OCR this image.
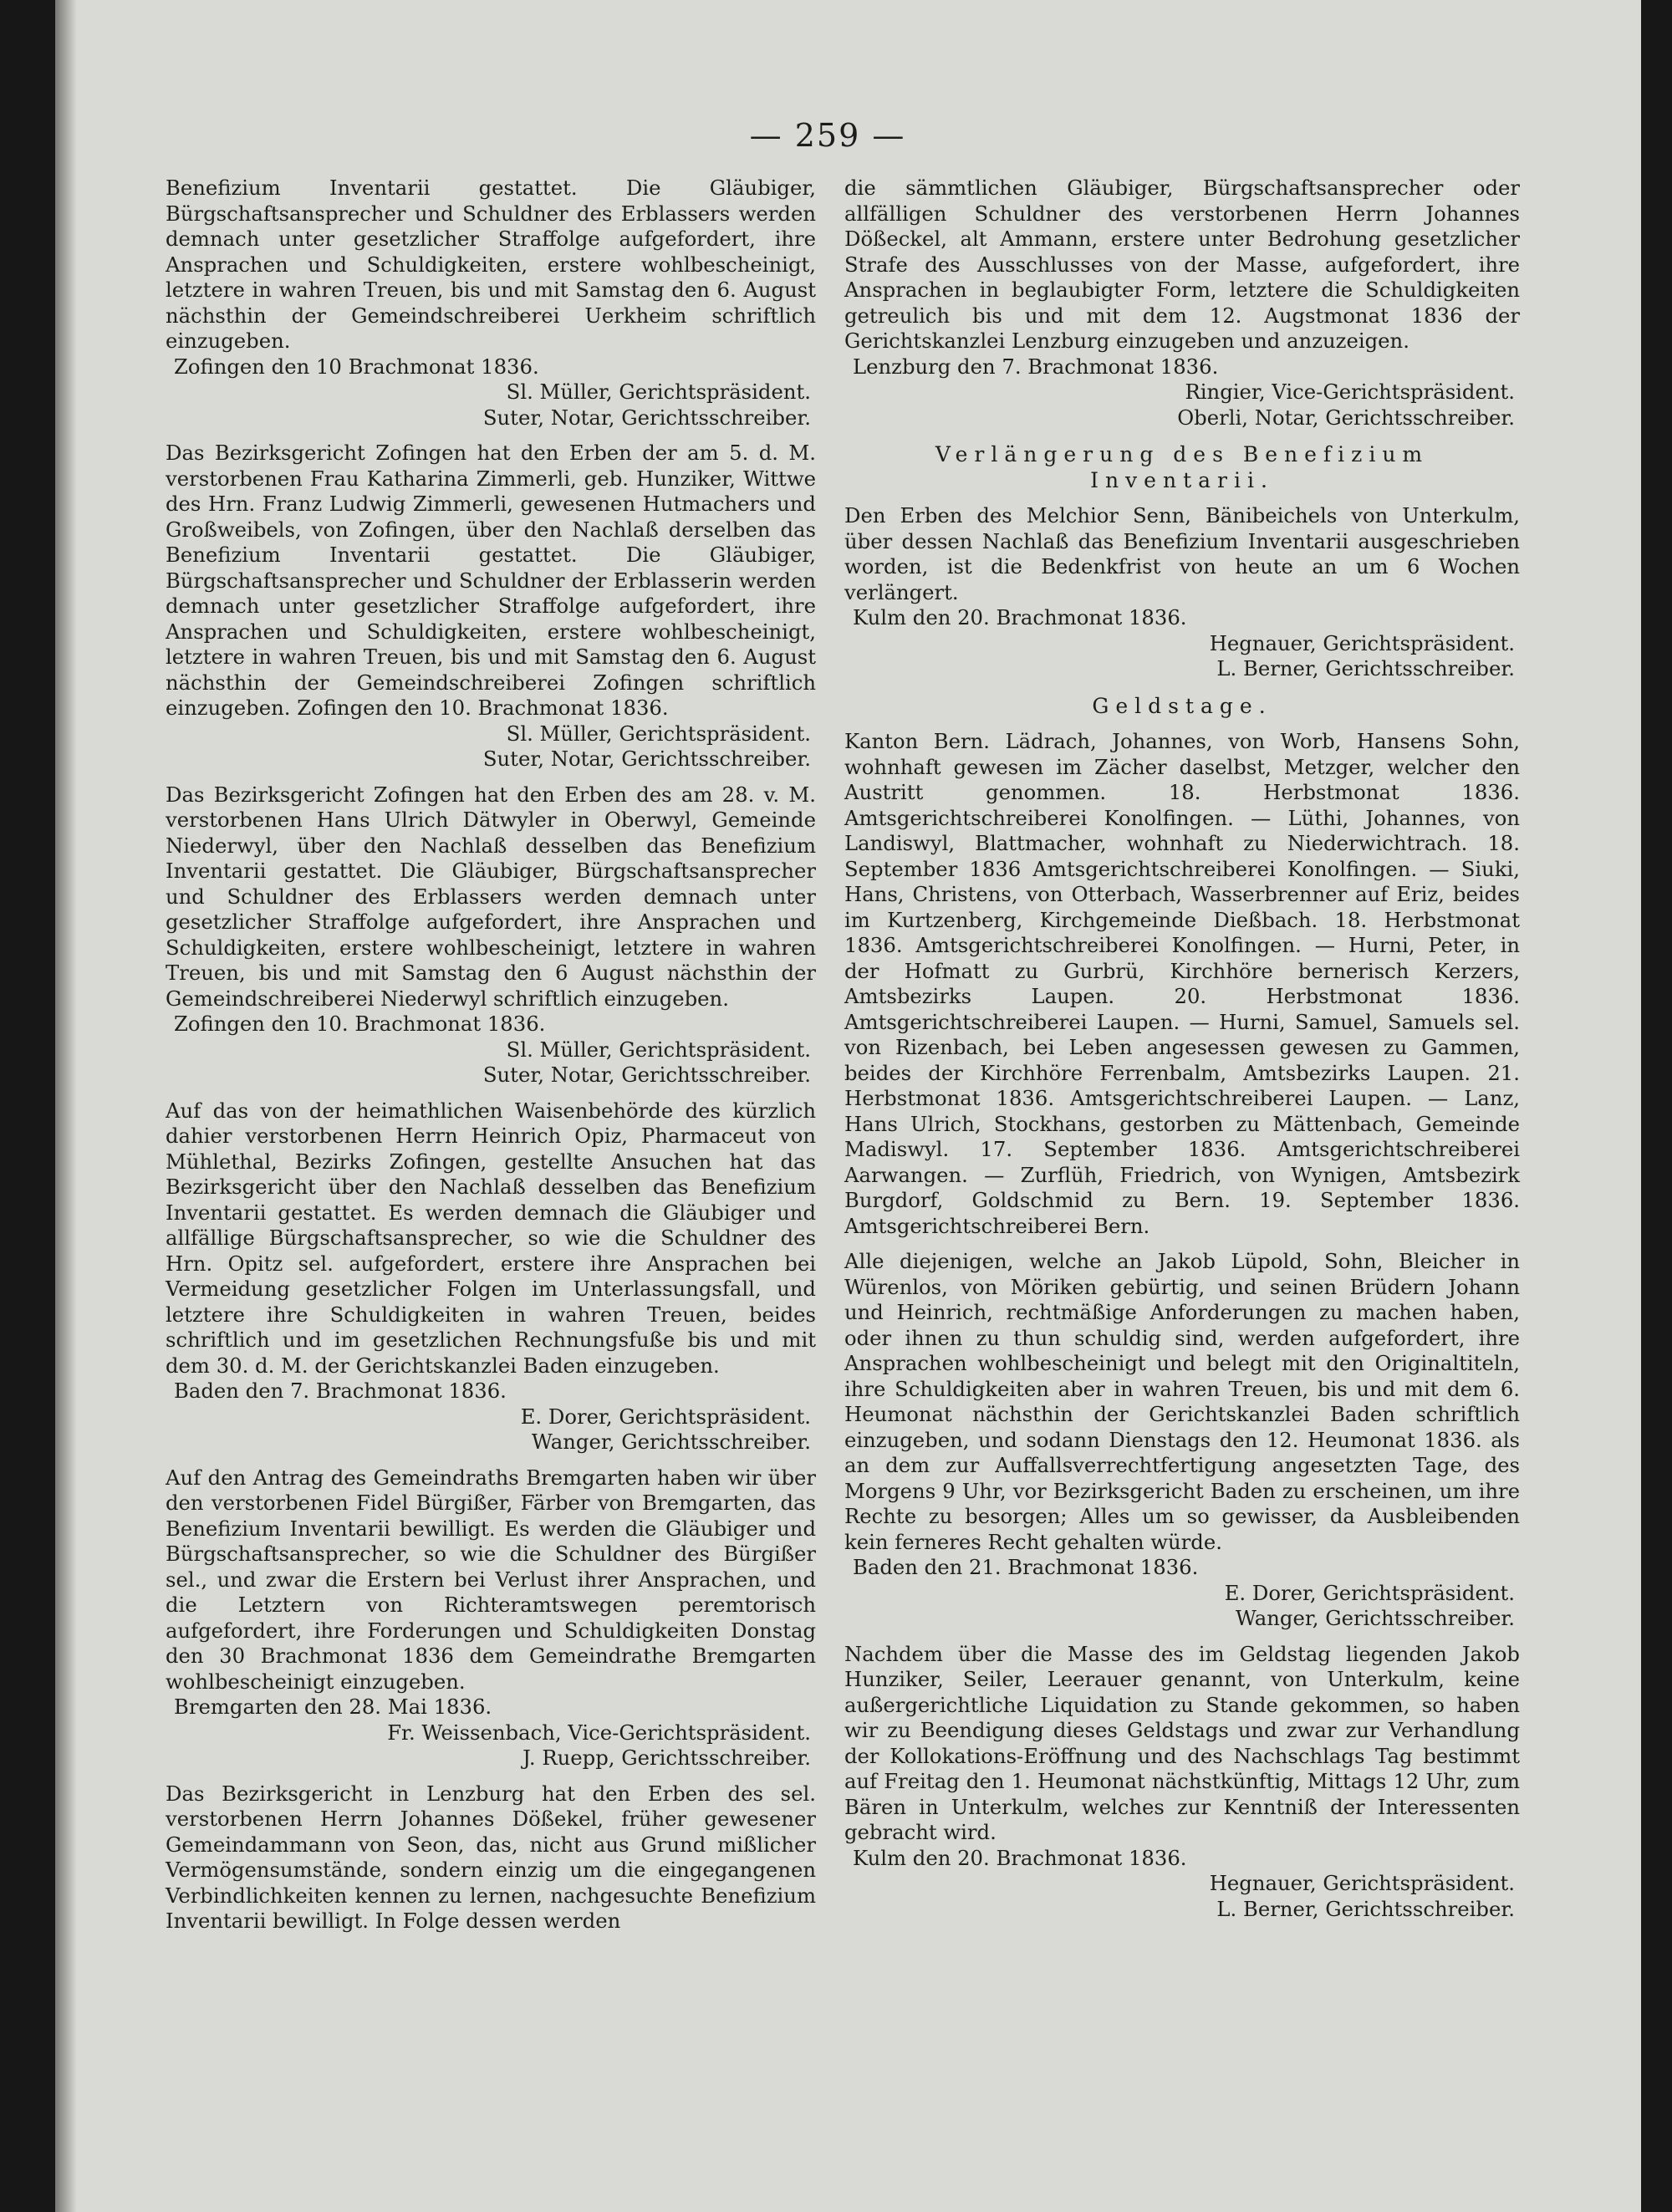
— 259 —

Benefizium Inventarii gestattet. Die Gläubiger, Bürgschaftsansprecher und Schuldner des Erblassers werden demnach unter gesetzlicher Straffolge aufgefordert, ihre Ansprachen und Schuldigkeiten, erstere wohlbescheinigt, letztere in wahren Treuen, bis und mit Samstag den 6. August nächsthin der Gemeindschreiberei Uerkheim schriftlich einzugeben.

Zofingen den 10 Brachmonat 1836.

Sl. Müller, Gerichtspräsident.

Suter, Notar, Gerichtsschreiber.

Das Bezirksgericht Zofingen hat den Erben der am 5. d. M. verstorbenen Frau Katharina Zimmerli, geb. Hunziker, Wittwe des Hrn. Franz Ludwig Zimmerli, gewesenen Hutmachers und Großweibels, von Zofingen, über den Nachlaß derselben das Benefizium Inventarii gestattet. Die Gläubiger, Bürgschaftsansprecher und Schuldner der Erblasserin werden demnach unter gesetzlicher Straffolge aufgefordert, ihre Ansprachen und Schuldigkeiten, erstere wohlbescheinigt, letztere in wahren Treuen, bis und mit Samstag den 6. August nächsthin der Gemeindschreiberei Zofingen schriftlich einzugeben. Zofingen den 10. Brachmonat 1836.

Sl. Müller, Gerichtspräsident.

Suter, Notar, Gerichtsschreiber.

Das Bezirksgericht Zofingen hat den Erben des am 28. v. M. verstorbenen Hans Ulrich Dätwyler in Oberwyl, Gemeinde Niederwyl, über den Nachlaß desselben das Benefizium Inventarii gestattet. Die Gläubiger, Bürgschaftsansprecher und Schuldner des Erblassers werden demnach unter gesetzlicher Straffolge aufgefordert, ihre Ansprachen und Schuldigkeiten, erstere wohlbescheinigt, letztere in wahren Treuen, bis und mit Samstag den 6 August nächsthin der Gemeindschreiberei Niederwyl schriftlich einzugeben.

Zofingen den 10. Brachmonat 1836.

Sl. Müller, Gerichtspräsident.

Suter, Notar, Gerichtsschreiber.

Auf das von der heimathlichen Waisenbehörde des kürzlich dahier verstorbenen Herrn Heinrich Opiz, Pharmaceut von Mühlethal, Bezirks Zofingen, gestellte Ansuchen hat das Bezirksgericht über den Nachlaß desselben das Benefizium Inventarii gestattet. Es werden demnach die Gläubiger und allfällige Bürgschaftsansprecher, so wie die Schuldner des Hrn. Opitz sel. aufgefordert, erstere ihre Ansprachen bei Vermeidung gesetzlicher Folgen im Unterlassungsfall, und letztere ihre Schuldigkeiten in wahren Treuen, beides schriftlich und im gesetzlichen Rechnungsfuße bis und mit dem 30. d. M. der Gerichtskanzlei Baden einzugeben.

Baden den 7. Brachmonat 1836.

E. Dorer, Gerichtspräsident.

Wanger, Gerichtsschreiber.

Auf den Antrag des Gemeindraths Bremgarten haben wir über den verstorbenen Fidel Bürgißer, Färber von Bremgarten, das Benefizium Inventarii bewilligt. Es werden die Gläubiger und Bürgschaftsansprecher, so wie die Schuldner des Bürgißer sel., und zwar die Erstern bei Verlust ihrer Ansprachen, und die Letztern von Richteramtswegen peremtorisch aufgefordert, ihre Forderungen und Schuldigkeiten Donstag den 30 Brachmonat 1836 dem Gemeindrathe Bremgarten wohlbescheinigt einzugeben.

Bremgarten den 28. Mai 1836.

Fr. Weissenbach, Vice-Gerichtspräsident.

J. Ruepp, Gerichtsschreiber.

Das Bezirksgericht in Lenzburg hat den Erben des sel. verstorbenen Herrn Johannes Dößekel, früher gewesener Gemeindammann von Seon, das, nicht aus Grund mißlicher Vermögensumstände, sondern einzig um die eingegangenen Verbindlichkeiten kennen zu lernen, nachgesuchte Benefizium Inventarii bewilligt. In Folge dessen werden

die sämmtlichen Gläubiger, Bürgschaftsansprecher oder allfälligen Schuldner des verstorbenen Herrn Johannes Dößeckel, alt Ammann, erstere unter Bedrohung gesetzlicher Strafe des Ausschlusses von der Masse, aufgefordert, ihre Ansprachen in beglaubigter Form, letztere die Schuldigkeiten getreulich bis und mit dem 12. Augstmonat 1836 der Gerichtskanzlei Lenzburg einzugeben und anzuzeigen.

Lenzburg den 7. Brachmonat 1836.

Ringier, Vice-Gerichtspräsident.

Oberli, Notar, Gerichtsschreiber.

Verlängerung des Benefizium Inventarii.

Den Erben des Melchior Senn, Bänibeichels von Unterkulm, über dessen Nachlaß das Benefizium Inventarii ausgeschrieben worden, ist die Bedenkfrist von heute an um 6 Wochen verlängert.

Kulm den 20. Brachmonat 1836.

Hegnauer, Gerichtspräsident.

L. Berner, Gerichtsschreiber.

Geldstage.

Kanton Bern. Lädrach, Johannes, von Worb, Hansens Sohn, wohnhaft gewesen im Zächer daselbst, Metzger, welcher den Austritt genommen. 18. Herbstmonat 1836. Amtsgerichtschreiberei Konolfingen. — Lüthi, Johannes, von Landiswyl, Blattmacher, wohnhaft zu Niederwichtrach. 18. September 1836 Amtsgerichtschreiberei Konolfingen. — Siuki, Hans, Christens, von Otterbach, Wasserbrenner auf Eriz, beides im Kurtzenberg, Kirchgemeinde Dießbach. 18. Herbstmonat 1836. Amtsgerichtschreiberei Konolfingen. — Hurni, Peter, in der Hofmatt zu Gurbrü, Kirchhöre bernerisch Kerzers, Amtsbezirks Laupen. 20. Herbstmonat 1836. Amtsgerichtschreiberei Laupen. — Hurni, Samuel, Samuels sel. von Rizenbach, bei Leben angesessen gewesen zu Gammen, beides der Kirchhöre Ferrenbalm, Amtsbezirks Laupen. 21. Herbstmonat 1836. Amtsgerichtschreiberei Laupen. — Lanz, Hans Ulrich, Stockhans, gestorben zu Mättenbach, Gemeinde Madiswyl. 17. September 1836. Amtsgerichtschreiberei Aarwangen. — Zurflüh, Friedrich, von Wynigen, Amtsbezirk Burgdorf, Goldschmid zu Bern. 19. September 1836. Amtsgerichtschreiberei Bern.

Alle diejenigen, welche an Jakob Lüpold, Sohn, Bleicher in Würenlos, von Möriken gebürtig, und seinen Brüdern Johann und Heinrich, rechtmäßige Anforderungen zu machen haben, oder ihnen zu thun schuldig sind, werden aufgefordert, ihre Ansprachen wohlbescheinigt und belegt mit den Originaltiteln, ihre Schuldigkeiten aber in wahren Treuen, bis und mit dem 6. Heumonat nächsthin der Gerichtskanzlei Baden schriftlich einzugeben, und sodann Dienstags den 12. Heumonat 1836. als an dem zur Auffallsverrechtfertigung angesetzten Tage, des Morgens 9 Uhr, vor Bezirksgericht Baden zu erscheinen, um ihre Rechte zu besorgen; Alles um so gewisser, da Ausbleibenden kein ferneres Recht gehalten würde.

Baden den 21. Brachmonat 1836.

E. Dorer, Gerichtspräsident.

Wanger, Gerichtsschreiber.

Nachdem über die Masse des im Geldstag liegenden Jakob Hunziker, Seiler, Leerauer genannt, von Unterkulm, keine außergerichtliche Liquidation zu Stande gekommen, so haben wir zu Beendigung dieses Geldstags und zwar zur Verhandlung der Kollokations-Eröffnung und des Nachschlags Tag bestimmt auf Freitag den 1. Heumonat nächstkünftig, Mittags 12 Uhr, zum Bären in Unterkulm, welches zur Kenntniß der Interessenten gebracht wird.

Kulm den 20. Brachmonat 1836.

Hegnauer, Gerichtspräsident.

L. Berner, Gerichtsschreiber.
